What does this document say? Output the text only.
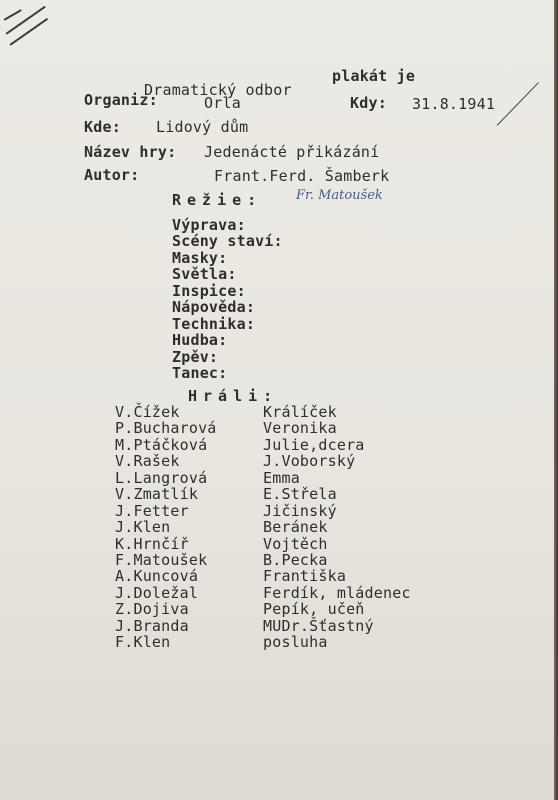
Dramatický odbor
plakát je
Organiz:	Orla	Kdy: 31.8.1941
Kde: Lidový dům
Název hry: Jedenácté přikázání
Autor:	Frant.Ferd. Šamberk
Režie:	Fr. Matoušek
Výprava:
Scény staví:
Masky:
Světla:
Inspice:
Nápověda:
Technika:
Hudba:
Zpěv:
Tanec:
Hráli:
V.Čížek	Králíček
P.Bucharová	Veronika
M.Ptáčková	Julie,dcera
V.Rašek	J.Voborský
L.Langrová	Emma
V.Zmatlík	E.Střela
J.Fetter	Jičinský
J.Klen	Beránek
K.Hrnčíř	Vojtěch
F.Matoušek	B.Pecka
A.Kuncová	Františka
J.Doležal	Ferdík, mládenec
Z.Dojiva	Pepík, učeň
J.Branda	MUDr.Šťastný
F.Klen	posluha
